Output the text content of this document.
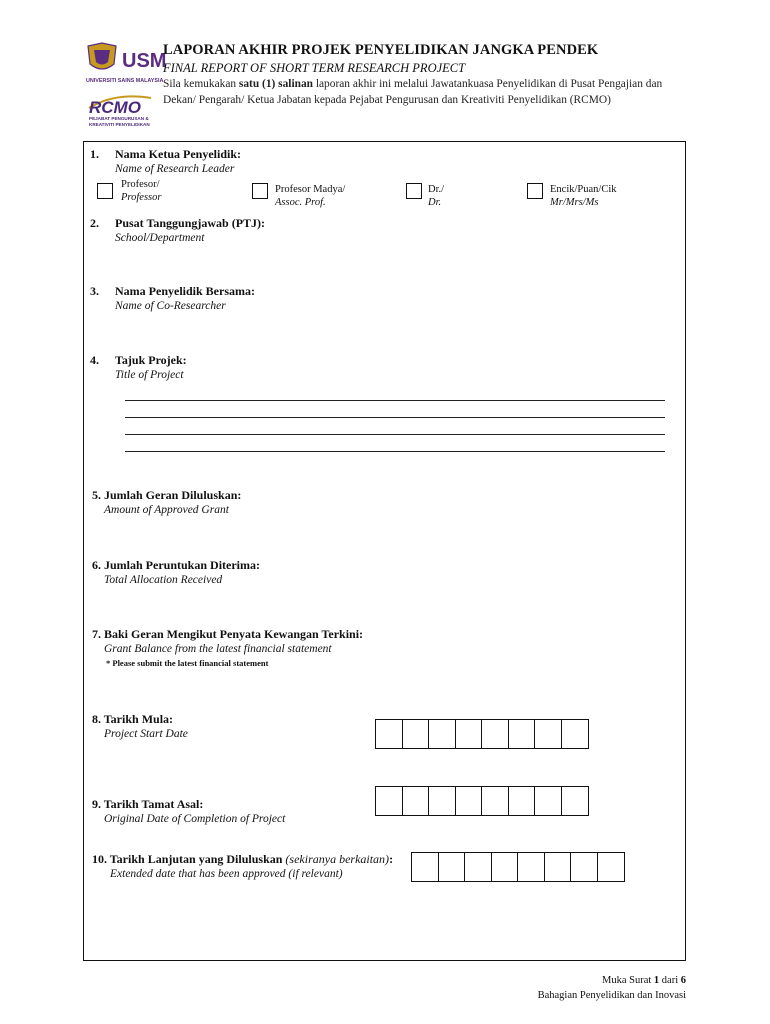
USM
UNIVERSITI SAINS MALAYSIA
RCMO
PEJABAT PENGURUSAN &
KREATIVITI PENYELIDIKAN
LAPORAN AKHIR PROJEK PENYELIDIKAN JANGKA PENDEK
FINAL REPORT OF SHORT TERM RESEARCH PROJECT
Sila kemukakan satu (1) salinan laporan akhir ini melalui Jawatankuasa Penyelidikan di Pusat Pengajian dan Dekan/ Pengarah/ Ketua Jabatan kepada Pejabat Pengurusan dan Kreativiti Penyelidikan (RCMO)
1. Nama Ketua Penyelidik:
Name of Research Leader
Profesor/
Professor
Profesor Madya/
Assoc. Prof.
Dr./
Dr.
Encik/Puan/Cik
Mr/Mrs/Ms
2. Pusat Tanggungjawab (PTJ):
School/Department
3. Nama Penyelidik Bersama:
Name of Co-Researcher
4. Tajuk Projek:
Title of Project
5. Jumlah Geran Diluluskan:
Amount of Approved Grant
6. Jumlah Peruntukan Diterima:
Total Allocation Received
7. Baki Geran Mengikut Penyata Kewangan Terkini:
Grant Balance from the latest financial statement
* Please submit the latest financial statement
8. Tarikh Mula:
Project Start Date
9. Tarikh Tamat Asal:
Original Date of Completion of Project
10. Tarikh Lanjutan yang Diluluskan (sekiranya berkaitan):
Extended date that has been approved (if relevant)
Muka Surat 1 dari 6
Bahagian Penyelidikan dan Inovasi
